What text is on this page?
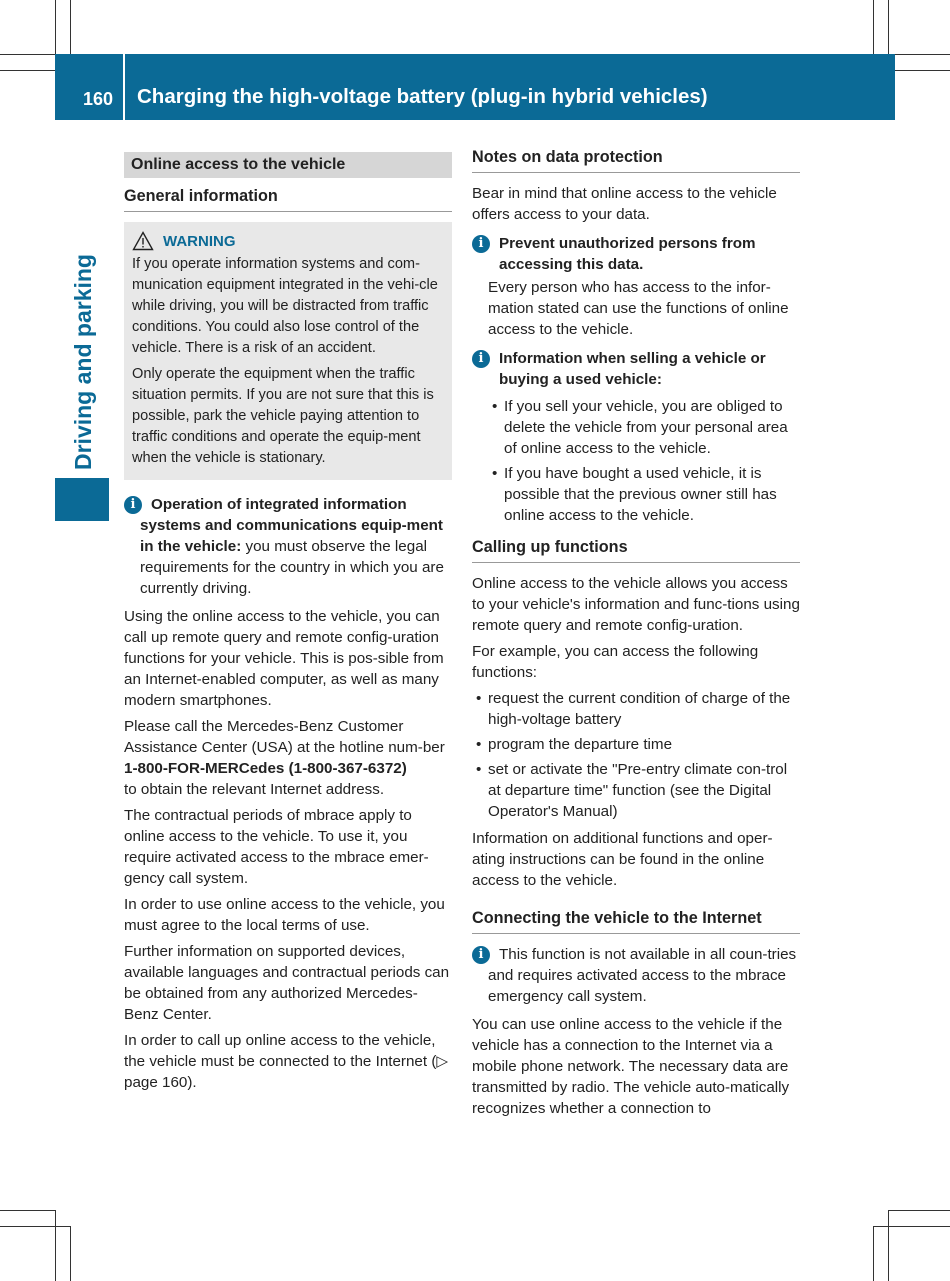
160 Charging the high-voltage battery (plug-in hybrid vehicles)
Driving and parking
Online access to the vehicle
General information
WARNING

If you operate information systems and com-munication equipment integrated in the vehi-cle while driving, you will be distracted from traffic conditions. You could also lose control of the vehicle. There is a risk of an accident.

Only operate the equipment when the traffic situation permits. If you are not sure that this is possible, park the vehicle paying attention to traffic conditions and operate the equip-ment when the vehicle is stationary.

i	Operation of integrated information systems and communications equip-ment in the vehicle: you must observe the legal requirements for the country in which you are currently driving.

Using the online access to the vehicle, you can call up remote query and remote config-uration functions for your vehicle. This is pos-sible from an Internet-enabled computer, as well as many modern smartphones.

Please call the Mercedes-Benz Customer Assistance Center (USA) at the hotline num-ber

1-800-FOR-MERCedes (1-800-367-6372)

to obtain the relevant Internet address.

The contractual periods of mbrace apply to online access to the vehicle. To use it, you require activated access to the mbrace emer-gency call system.

In order to use online access to the vehicle, you must agree to the local terms of use.

Further information on supported devices, available languages and contractual periods can be obtained from any authorized Mercedes-Benz Center.

In order to call up online access to the vehicle, the vehicle must be connected to the Internet (▷ page 160).

Notes on data protection

Bear in mind that online access to the vehicle offers access to your data.

i	Prevent unauthorized persons from accessing this data.

Every person who has access to the infor-mation stated can use the functions of online access to the vehicle.

i	Information when selling a vehicle or buying a used vehicle:
• If you sell your vehicle, you are obliged to delete the vehicle from your personal area of online access to the vehicle.
• If you have bought a used vehicle, it is possible that the previous owner still has online access to the vehicle.
Calling up functions

Online access to the vehicle allows you access to your vehicle's information and func-tions using remote query and remote config-uration.

For example, you can access the following functions:

• request the current condition of charge of the high-voltage battery
• program the departure time
• set or activate the "Pre-entry climate con-trol at departure time" function (see the Digital Operator's Manual)

Information on additional functions and oper-ating instructions can be found in the online access to the vehicle.

Connecting the vehicle to the Internet
i	This function is not available in all coun-tries and requires activated access to the mbrace emergency call system.

You can use online access to the vehicle if the vehicle has a connection to the Internet via a mobile phone network. The necessary data are transmitted by radio. The vehicle auto-matically recognizes whether a connection to
